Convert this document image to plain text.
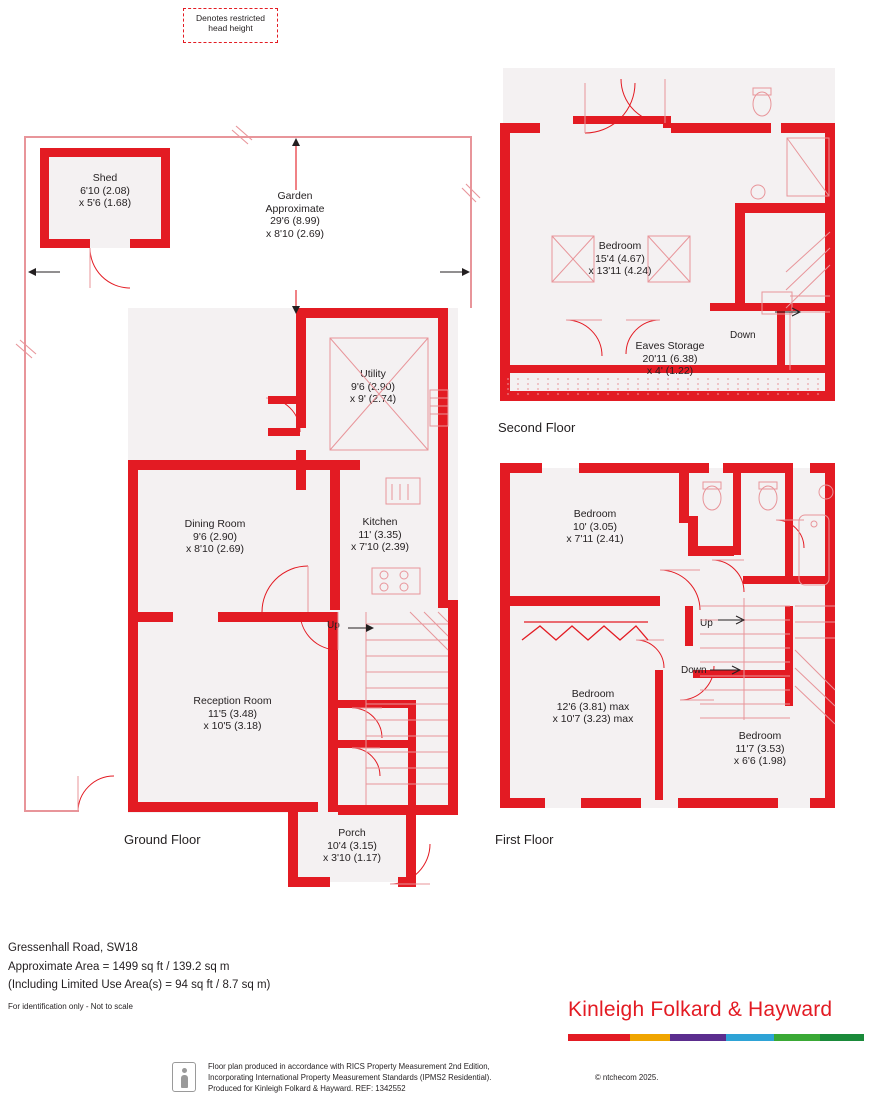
Denotes restricted
head height
Shed
6'10 (2.08)
x 5'6 (1.68)
Garden
Approximate
29'6 (8.99)
x 8'10 (2.69)
Utility
9'6 (2.90)
x 9' (2.74)
Kitchen
11' (3.35)
x 7'10 (2.39)
Dining Room
9'6 (2.90)
x 8'10 (2.69)
Reception Room
11'5 (3.48)
x 10'5 (3.18)
Porch
10'4 (3.15)
x 3'10 (1.17)
Up
Ground Floor
Bedroom
15'4 (4.67)
x 13'11 (4.24)
Eaves Storage
20'11 (6.38)
x 4' (1.22)
Down
Second Floor
Bedroom
10' (3.05)
x 7'11 (2.41)
Bedroom
12'6 (3.81) max
x 10'7 (3.23) max
Bedroom
11'7 (3.53)
x 6'6 (1.98)
Up
Down
First Floor
Gressenhall Road, SW18
Approximate Area = 1499 sq ft / 139.2 sq m
(Including Limited Use Area(s) = 94 sq ft / 8.7 sq m)
For identification only - Not to scale	Kinleigh Folkard & Hayward
Floor plan produced in accordance with RICS Property Measurement 2nd Edition,
Incorporating International Property Measurement Standards (IPMS2 Residential).	© ntchecom 2025.
Produced for Kinleigh Folkard & Hayward. REF: 1342552
